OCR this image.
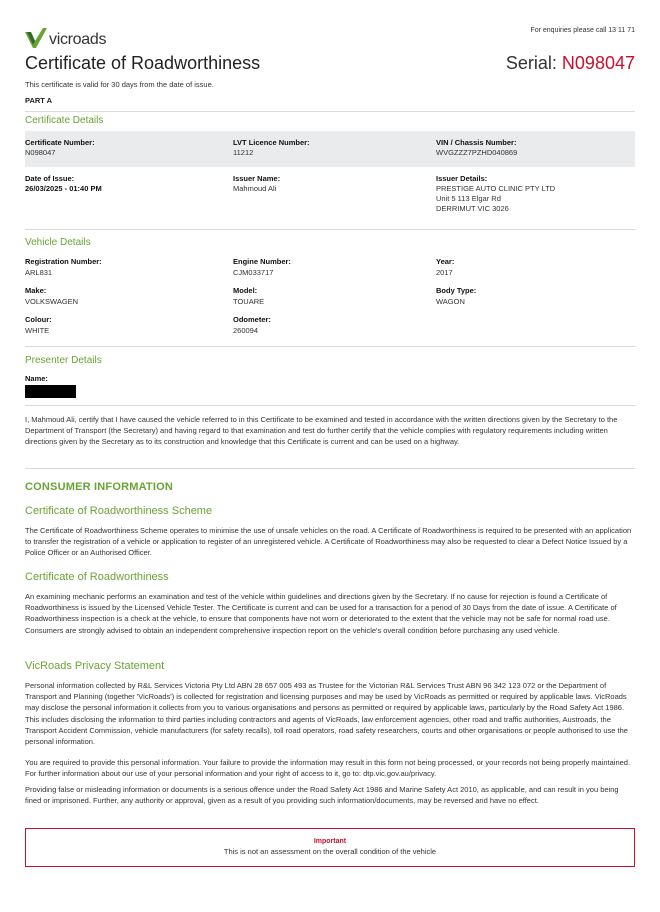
vicroads
For enquiries please call 13 11 71
Certificate of Roadworthiness	Serial: N098047
This certificate is valid for 30 days from the date of issue.
PART A
Certificate Details
Certificate Number:
N098047
LVT Licence Number:
11212
VIN / Chassis Number:
WVGZZZ7PZHD040869
Date of Issue:
26/03/2025 - 01:40 PM
Issuer Name:
Mahmoud Ali
Issuer Details:
PRESTIGE AUTO CLINIC PTY LTD
Unit 5 113 Elgar Rd
DERRIMUT VIC 3026
Vehicle Details
Registration Number:
ARL831
Engine Number:
CJM033717
Year:
2017
Make:
VOLKSWAGEN
Model:
TOUARE
Body Type:
WAGON
Colour:
WHITE
Odometer:
260094
Presenter Details
Name:

I, Mahmoud Ali, certify that I have caused the vehicle referred to in this Certificate to be examined and tested in accordance with the written directions given by the Secretary to the Department of Transport (the Secretary) and having regard to that examination and test do further certify that the vehicle complies with regulatory requirements including written directions given by the Secretary as to its construction and knowledge that this Certificate is current and can be used on a highway.

CONSUMER INFORMATION
Certificate of Roadworthiness Scheme

The Certificate of Roadworthiness Scheme operates to minimise the use of unsafe vehicles on the road. A Certificate of Roadworthiness is required to be presented with an application to transfer the registration of a vehicle or application to register of an unregistered vehicle. A Certificate of Roadworthiness may also be requested to clear a Defect Notice Issued by a Police Officer or an Authorised Officer.

Certificate of Roadworthiness

An examining mechanic performs an examination and test of the vehicle within guidelines and directions given by the Secretary. If no cause for rejection is found a Certificate of Roadworthiness is issued by the Licensed Vehicle Tester. The Certificate is current and can be used for a transaction for a period of 30 Days from the date of issue. A Certificate of Roadworthiness inspection is a check at the vehicle, to ensure that components have not worn or deteriorated to the extent that the vehicle may not be safe for normal road use. Consumers are strongly advised to obtain an independent comprehensive inspection report on the vehicle's overall condition before purchasing any used vehicle.

VicRoads Privacy Statement

Personal information collected by R&L Services Victoria Pty Ltd ABN 28 657 005 493 as Trustee for the Victorian R&L Services Trust ABN 96 342 123 072 or the Department of Transport and Planning (together 'VicRoads') is collected for registration and licensing purposes and may be used by VicRoads as permitted or required by applicable laws. VicRoads may disclose the personal information it collects from you to various organisations and persons as permitted or required by applicable laws, particularly by the Road Safety Act 1986. This includes disclosing the information to third parties including contractors and agents of VicRoads, law enforcement agencies, other road and traffic authorities, Austroads, the Transport Accident Commission, vehicle manufacturers (for safety recalls), toll road operators, road safety researchers, courts and other organisations or people authorised to use the personal information.

You are required to provide this personal information. Your failure to provide the information may result in this form not being processed, or your records not being properly maintained. For further information about our use of your personal information and your right of access to it, go to: dtp.vic.gov.au/privacy.

Providing false or misleading information or documents is a serious offence under the Road Safety Act 1986 and Marine Safety Act 2010, as applicable, and can result in you being fined or imprisoned. Further, any authority or approval, given as a result of you providing such information/documents, may be reversed and have no effect.

Important
This is not an assessment on the overall condition of the vehicle
